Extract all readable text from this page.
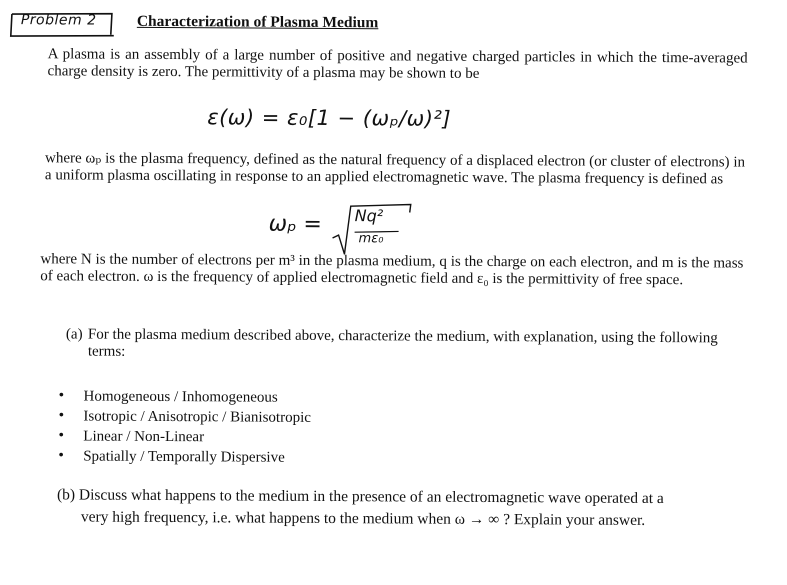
Problem 2	Characterization of Plasma Medium
A plasma is an assembly of a large number of positive and negative charged particles in which the time-averaged charge density is zero. The permittivity of a plasma may be shown to be
ε(ω) = ε₀[1 − (ωₚ/ω)²]
where ωₚ is the plasma frequency, defined as the natural frequency of a displaced electron (or cluster of electrons) in a uniform plasma oscillating in response to an applied electromagnetic wave. The plasma frequency is defined as
ωₚ = Nq²
mε₀
where N is the number of electrons per m³ in the plasma medium, q is the charge on each electron, and m is the mass of each electron. ω is the frequency of applied electromagnetic field and ε₀ is the permittivity of free space.
(a) For the plasma medium described above, characterize the medium, with explanation, using the following terms:
• Homogeneous / Inhomogeneous
• Isotropic / Anisotropic / Bianisotropic
• Linear / Non-Linear
• Spatially / Temporally Dispersive
(b) Discuss what happens to the medium in the presence of an electromagnetic wave operated at a
very high frequency, i.e. what happens to the medium when ω → ∞ ? Explain your answer.
